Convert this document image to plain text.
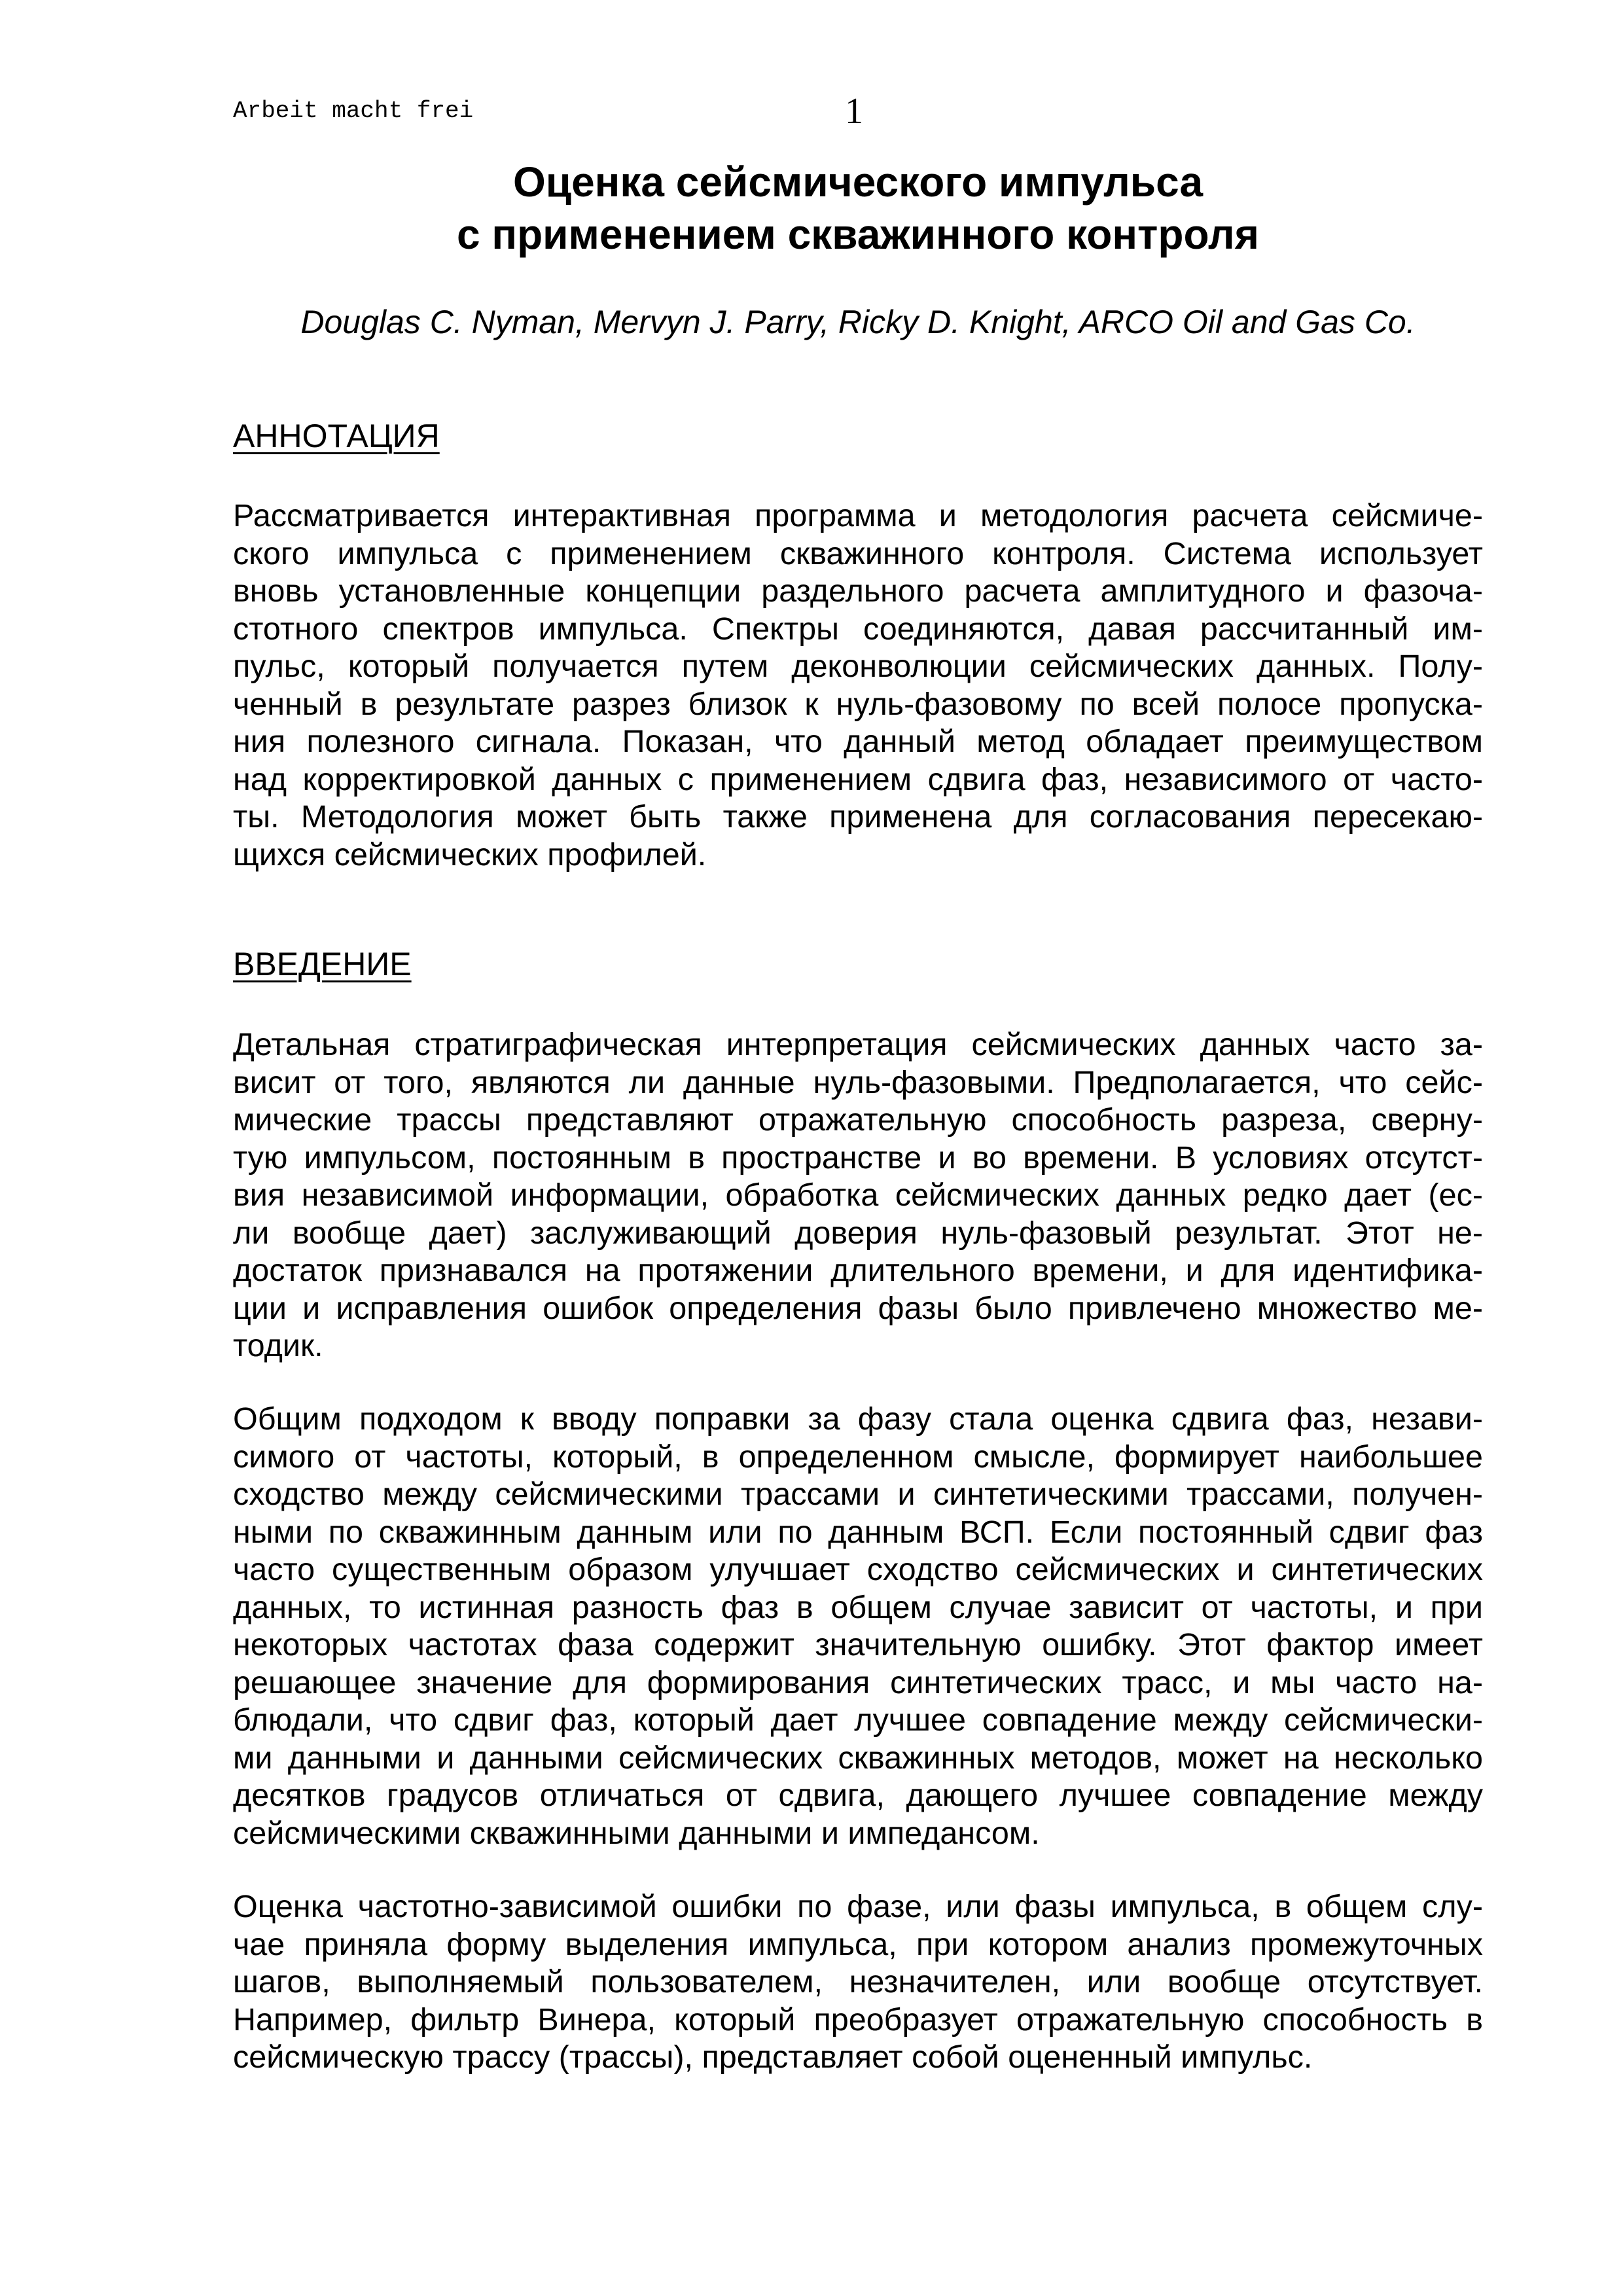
Arbeit macht frei	1
Оценка сейсмического импульса
с применением скважинного контроля
Douglas C. Nyman, Mervyn J. Parry, Ricky D. Knight, ARCO Oil and Gas Co.
АННОТАЦИЯ
Рассматривается интерактивная программа и методология расчета сейсмиче-
ского импульса с применением скважинного контроля. Система использует
вновь установленные концепции раздельного расчета амплитудного и фазоча-
стотного спектров импульса. Спектры соединяются, давая рассчитанный им-
пульс, который получается путем деконволюции сейсмических данных. Полу-
ченный в результате разрез близок к нуль-фазовому по всей полосе пропуска-
ния полезного сигнала. Показан, что данный метод обладает преимуществом
над корректировкой данных с применением сдвига фаз, независимого от часто-
ты. Методология может быть также применена для согласования пересекаю-
щихся сейсмических профилей.
ВВЕДЕНИЕ
Детальная стратиграфическая интерпретация сейсмических данных часто за-
висит от того, являются ли данные нуль-фазовыми. Предполагается, что сейс-
мические трассы представляют отражательную способность разреза, сверну-
тую импульсом, постоянным в пространстве и во времени. В условиях отсутст-
вия независимой информации, обработка сейсмических данных редко дает (ес-
ли вообще дает) заслуживающий доверия нуль-фазовый результат. Этот не-
достаток признавался на протяжении длительного времени, и для идентифика-
ции и исправления ошибок определения фазы было привлечено множество ме-
тодик.
Общим подходом к вводу поправки за фазу стала оценка сдвига фаз, незави-
симого от частоты, который, в определенном смысле, формирует наибольшее
сходство между сейсмическими трассами и синтетическими трассами, получен-
ными по скважинным данным или по данным ВСП. Если постоянный сдвиг фаз
часто существенным образом улучшает сходство сейсмических и синтетических
данных, то истинная разность фаз в общем случае зависит от частоты, и при
некоторых частотах фаза содержит значительную ошибку. Этот фактор имеет
решающее значение для формирования синтетических трасс, и мы часто на-
блюдали, что сдвиг фаз, который дает лучшее совпадение между сейсмически-
ми данными и данными сейсмических скважинных методов, может на несколько
десятков градусов отличаться от сдвига, дающего лучшее совпадение между
сейсмическими скважинными данными и импедансом.
Оценка частотно-зависимой ошибки по фазе, или фазы импульса, в общем слу-
чае приняла форму выделения импульса, при котором анализ промежуточных
шагов, выполняемый пользователем, незначителен, или вообще отсутствует.
Например, фильтр Винера, который преобразует отражательную способность в
сейсмическую трассу (трассы), представляет собой оцененный импульс.
